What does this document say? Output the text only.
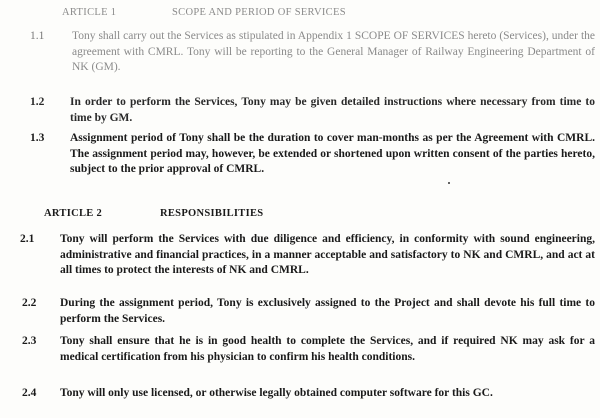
ARTICLE 1	SCOPE AND PERIOD OF SERVICES
1.1 Tony shall carry out the Services as stipulated in Appendix 1 SCOPE OF SERVICES hereto (Services), under the agreement with CMRL. Tony will be reporting to the General Manager of Railway Engineering Department of NK (GM).
1.2 In order to perform the Services, Tony may be given detailed instructions where necessary from time to time by GM.
1.3 Assignment period of Tony shall be the duration to cover man-months as per the Agreement with CMRL. The assignment period may, however, be extended or shortened upon written consent of the parties hereto, subject to the prior approval of CMRL.
ARTICLE 2	RESPONSIBILITIES
2.1 Tony will perform the Services with due diligence and efficiency, in conformity with sound engineering, administrative and financial practices, in a manner acceptable and satisfactory to NK and CMRL, and act at all times to protect the interests of NK and CMRL.
2.2 During the assignment period, Tony is exclusively assigned to the Project and shall devote his full time to perform the Services.
2.3 Tony shall ensure that he is in good health to complete the Services, and if required NK may ask for a medical certification from his physician to confirm his health conditions.
2.4 Tony will only use licensed, or otherwise legally obtained computer software for this GC.
